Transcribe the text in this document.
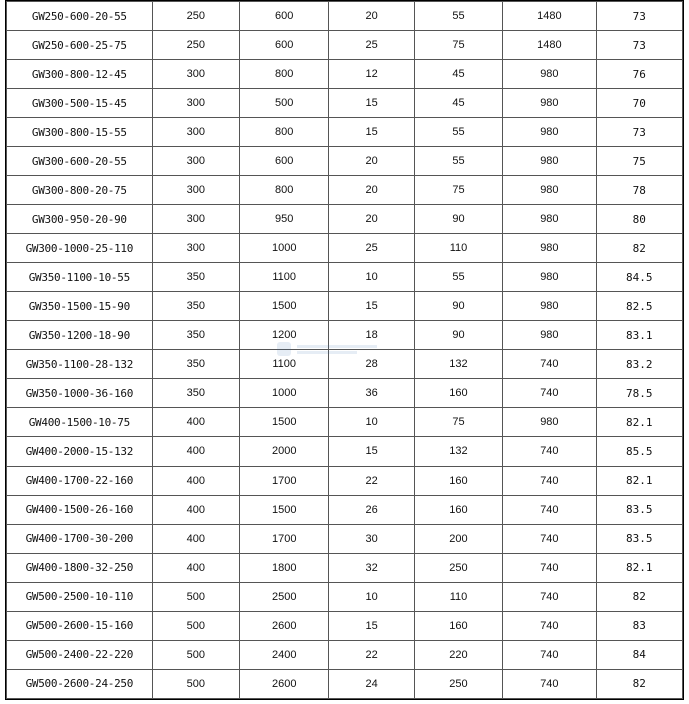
GW250-600-20-55	250	600	20	55	1480	73
GW250-600-25-75	250	600	25	75	1480	73
GW300-800-12-45	300	800	12	45	980	76
GW300-500-15-45	300	500	15	45	980	70
GW300-800-15-55	300	800	15	55	980	73
GW300-600-20-55	300	600	20	55	980	75
GW300-800-20-75	300	800	20	75	980	78
GW300-950-20-90	300	950	20	90	980	80
GW300-1000-25-110	300	1000	25	110	980	82
GW350-1100-10-55	350	1100	10	55	980	84.5
GW350-1500-15-90	350	1500	15	90	980	82.5
GW350-1200-18-90	350	1200	18	90	980	83.1
GW350-1100-28-132	350	1100	28	132	740	83.2
GW350-1000-36-160	350	1000	36	160	740	78.5
GW400-1500-10-75	400	1500	10	75	980	82.1
GW400-2000-15-132	400	2000	15	132	740	85.5
GW400-1700-22-160	400	1700	22	160	740	82.1
GW400-1500-26-160	400	1500	26	160	740	83.5
GW400-1700-30-200	400	1700	30	200	740	83.5
GW400-1800-32-250	400	1800	32	250	740	82.1
GW500-2500-10-110	500	2500	10	110	740	82
GW500-2600-15-160	500	2600	15	160	740	83
GW500-2400-22-220	500	2400	22	220	740	84
GW500-2600-24-250	500	2600	24	250	740	82
